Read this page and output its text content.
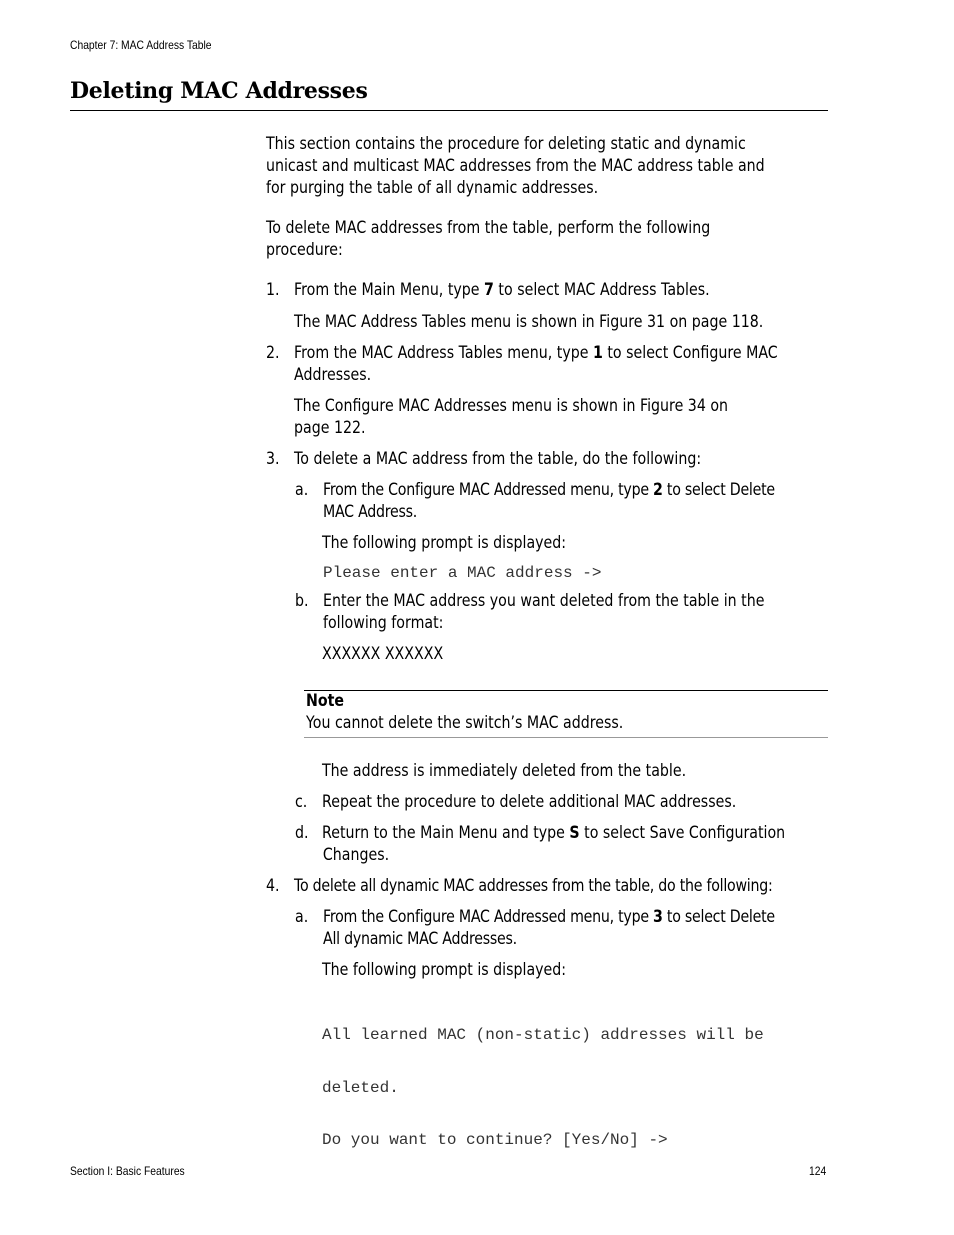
Chapter 7: MAC Address Table
Deleting MAC Addresses
This section contains the procedure for deleting static and dynamic
unicast and multicast MAC addresses from the MAC address table and
for purging the table of all dynamic addresses.
To delete MAC addresses from the table, perform the following
procedure:
1. From the Main Menu, type 7 to select MAC Address Tables.
The MAC Address Tables menu is shown in Figure 31 on page 118.
2. From the MAC Address Tables menu, type 1 to select Configure MAC
Addresses.
The Configure MAC Addresses menu is shown in Figure 34 on
page 122.
3. To delete a MAC address from the table, do the following:
a. From the Configure MAC Addressed menu, type 2 to select Delete
MAC Address.
The following prompt is displayed:
Please enter a MAC address ->
b. Enter the MAC address you want deleted from the table in the
following format:
XXXXXX XXXXXX
Note
You cannot delete the switch’s MAC address.
The address is immediately deleted from the table.
c. Repeat the procedure to delete additional MAC addresses.
d. Return to the Main Menu and type S to select Save Configuration
Changes.
4. To delete all dynamic MAC addresses from the table, do the following:
a. From the Configure MAC Addressed menu, type 3 to select Delete
All dynamic MAC Addresses.
The following prompt is displayed:

All learned MAC (non-static) addresses will be

deleted.

Do you want to continue? [Yes/No] ->

Section I: Basic Features	124
